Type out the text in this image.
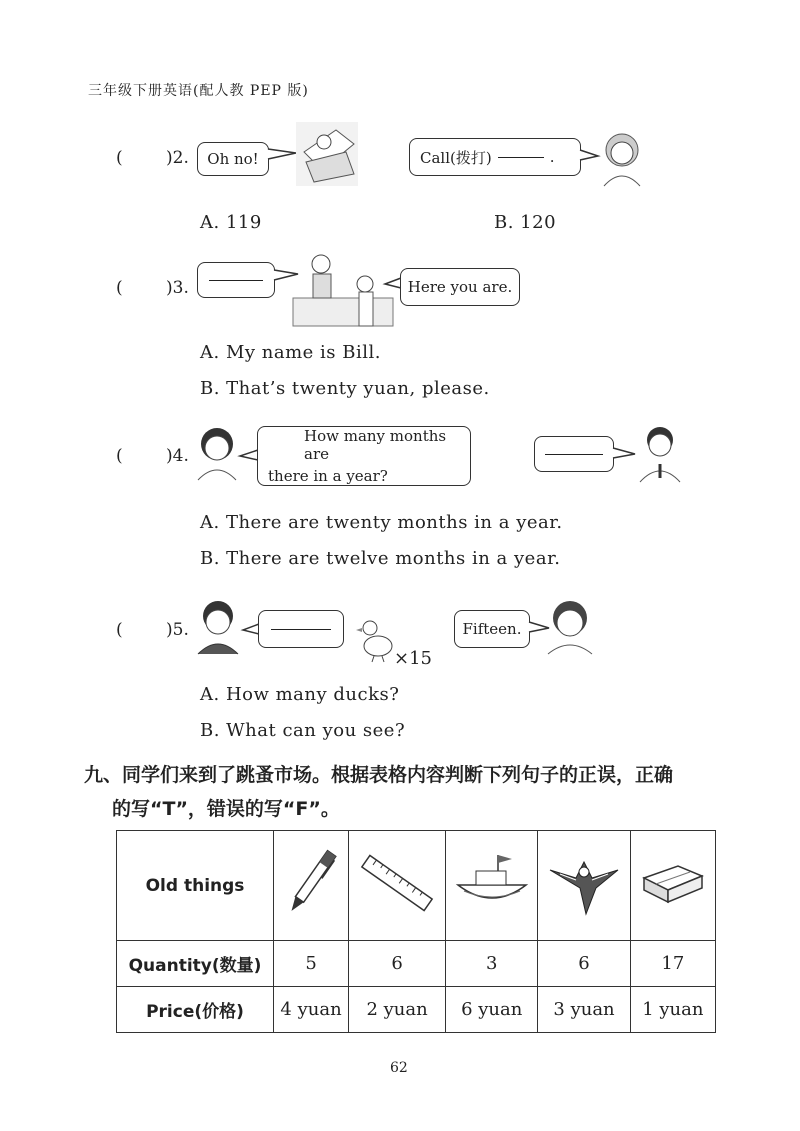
三年级下册英语(配人教 PEP 版)
(	)2. Oh no!	Call(拨打)	.
A. 119	B. 120
(	)3.	Here you are.
A. My name is Bill.
B. That’s twenty yuan, please.
(	)4.
How many months are
there in a year?
A. There are twenty months in a year.
B. There are twelve months in a year.
(	)5.
×15
Fifteen.
A. How many ducks?
B. What can you see?
九、同学们来到了跳蚤市场。根据表格内容判断下列句子的正误，正确
的写“T”，错误的写“F”。
Old things					
Quantity(数量)	5	6	3	6	17
Price(价格)	4 yuan	2 yuan	6 yuan	3 yuan	1 yuan
62
